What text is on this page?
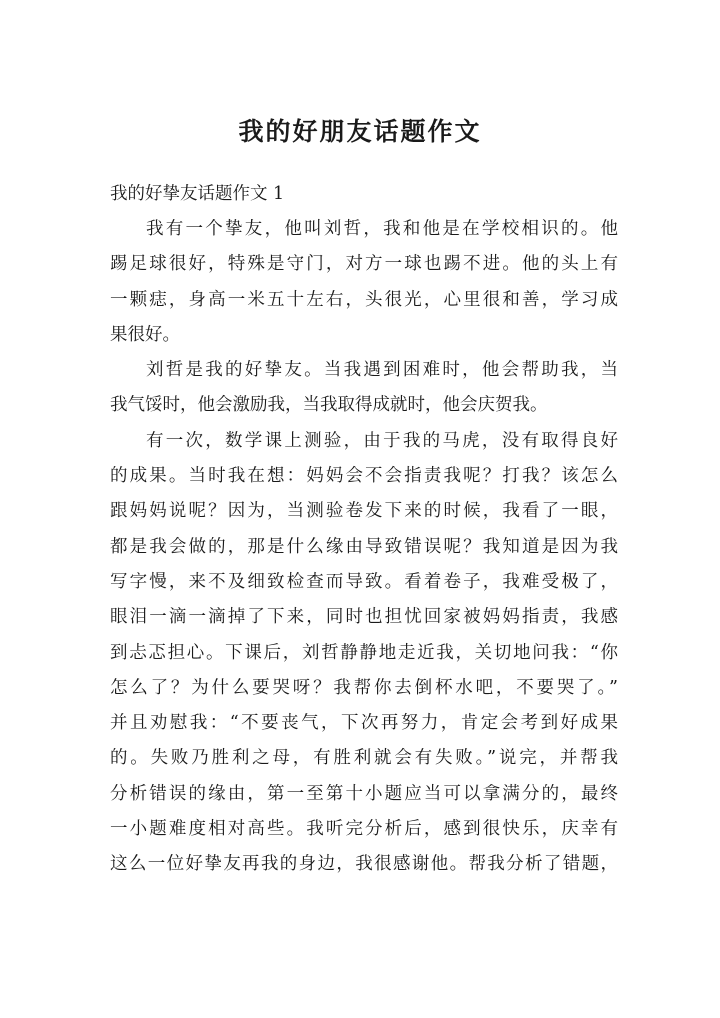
我的好朋友话题作文

我的好挚友话题作文 1

我有一个挚友，他叫刘哲，我和他是在学校相识的。他
踢足球很好，特殊是守门，对方一球也踢不进。他的头上有
一颗痣，身高一米五十左右，头很光，心里很和善，学习成
果很好。
刘哲是我的好挚友。当我遇到困难时，他会帮助我，当
我气馁时，他会激励我，当我取得成就时，他会庆贺我。
有一次，数学课上测验，由于我的马虎，没有取得良好
的成果。当时我在想：妈妈会不会指责我呢？打我？该怎么
跟妈妈说呢？因为，当测验卷发下来的时候，我看了一眼，
都是我会做的，那是什么缘由导致错误呢？我知道是因为我
写字慢，来不及细致检查而导致。看着卷子，我难受极了，
眼泪一滴一滴掉了下来，同时也担忧回家被妈妈指责，我感
到忐忑担心。下课后，刘哲静静地走近我，关切地问我：“你
怎么了？为什么要哭呀？我帮你去倒杯水吧，不要哭了。”
并且劝慰我：“不要丧气，下次再努力，肯定会考到好成果
的。失败乃胜利之母，有胜利就会有失败。”说完，并帮我
分析错误的缘由，第一至第十小题应当可以拿满分的，最终
一小题难度相对高些。我听完分析后，感到很快乐，庆幸有
这么一位好挚友再我的身边，我很感谢他。帮我分析了错题，
